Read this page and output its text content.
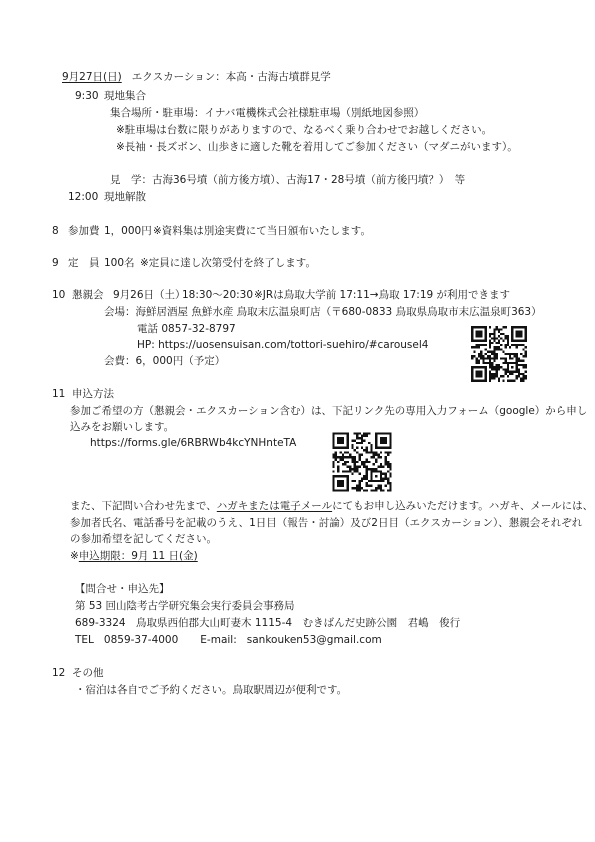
9月27日(日) エクスカーション：本高・古海古墳群見学
9:30 現地集合
集合場所・駐車場：イナバ電機株式会社様駐車場（別紙地図参照）
※駐車場は台数に限りがありますので、なるべく乗り合わせでお越しください。
※長袖・長ズボン、山歩きに適した靴を着用してご参加ください（マダニがいます）。
見　学：古海36号墳（前方後方墳）、古海17・28号墳（前方後円墳？）　等
12:00 現地解散
8 参加費 1，000円 ※資料集は別途実費にて当日頒布いたします。
9 定　員 100名 ※定員に達し次第受付を終了します。
10 懇親会 9月26日（土）
18:30～20:30 ※JRは鳥取大学前 17:11→鳥取 17:19 が利用できます
会場：海鮮居酒屋 魚鮮水産 鳥取末広温泉町店（〒680-0833 鳥取県鳥取市末広温泉町363）
電話 0857-32-8797
HP: https://uosensuisan.com/tottori-suehiro/#carousel4
会費：6，000円（予定）
11 申込方法
参加ご希望の方（懇親会・エクスカーション含む）は、下記リンク先の専用入力フォーム（google）から申し
込みをお願いします。
https://forms.gle/6RBRWb4kcYNHnteTA
また、下記問い合わせ先まで、ハガキまたは電子メールにてもお申し込みいただけます。ハガキ、メールには、
参加者氏名、電話番号を記載のうえ、1日目（報告・討論）及び2日目（エクスカーション）、懇親会それぞれ
の参加希望を記してください。
※申込期限：9月 11 日(金)
【問合せ・申込先】
第 53 回山陰考古学研究集会実行委員会事務局
689-3324　鳥取県西伯郡大山町妻木 1115-4　むきばんだ史跡公園　君嶋　俊行
TEL 0859-37-4000 E-mail: sankouken53@gmail.com
12 その他
・宿泊は各自でご予約ください。鳥取駅周辺が便利です。
